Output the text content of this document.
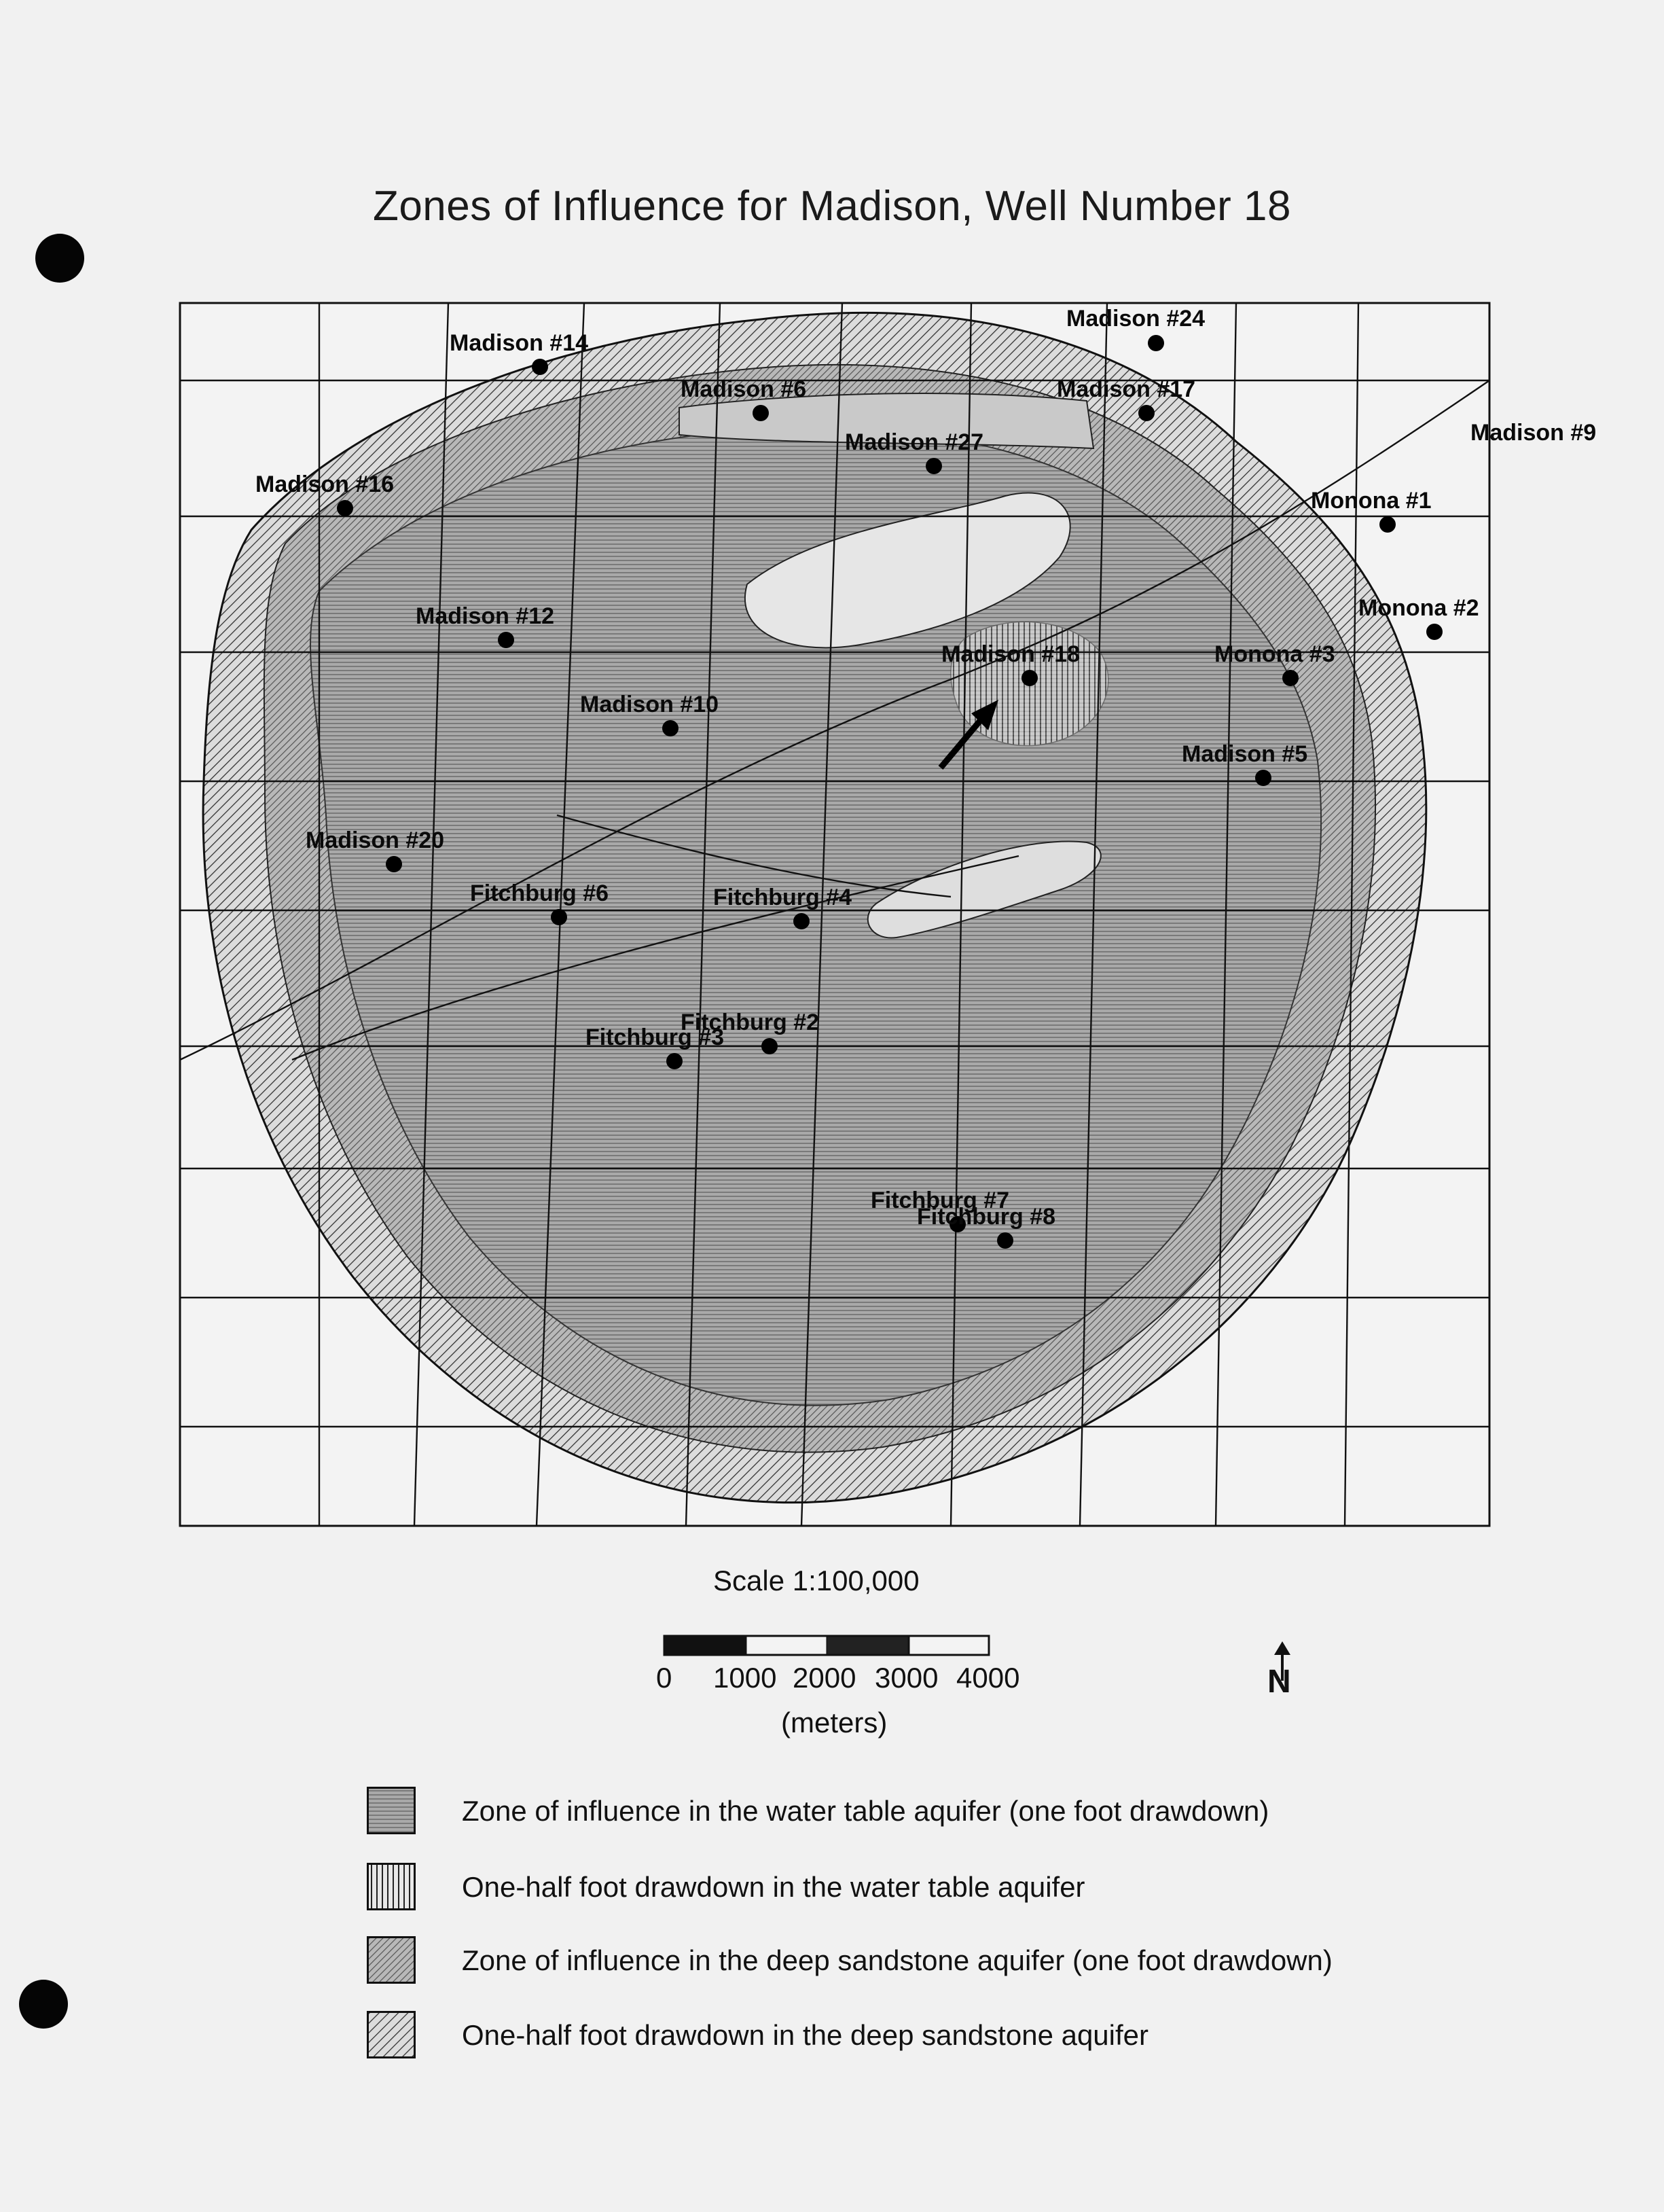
Zones of Influence for Madison, Well Number 18
Madison #14
Madison #24
Madison #6	Madison #17
Madison #9
Madison #27
Madison #16
Monona #1
Monona #2
Madison #12
Madison #18	Monona #3
Madison #10
Madison #5
Madison #20
Fitchburg #6	Fitchburg #4
Fitchburg #2
Fitchburg #3
Fitchburg #7
Fitchburg #8
Scale 1:100,000
0 1000 2000 3000 4000
(meters)
N
Zone of influence in the water table aquifer (one foot drawdown)
One-half foot drawdown in the water table aquifer
Zone of influence in the deep sandstone aquifer (one foot drawdown)
One-half foot drawdown in the deep sandstone aquifer
